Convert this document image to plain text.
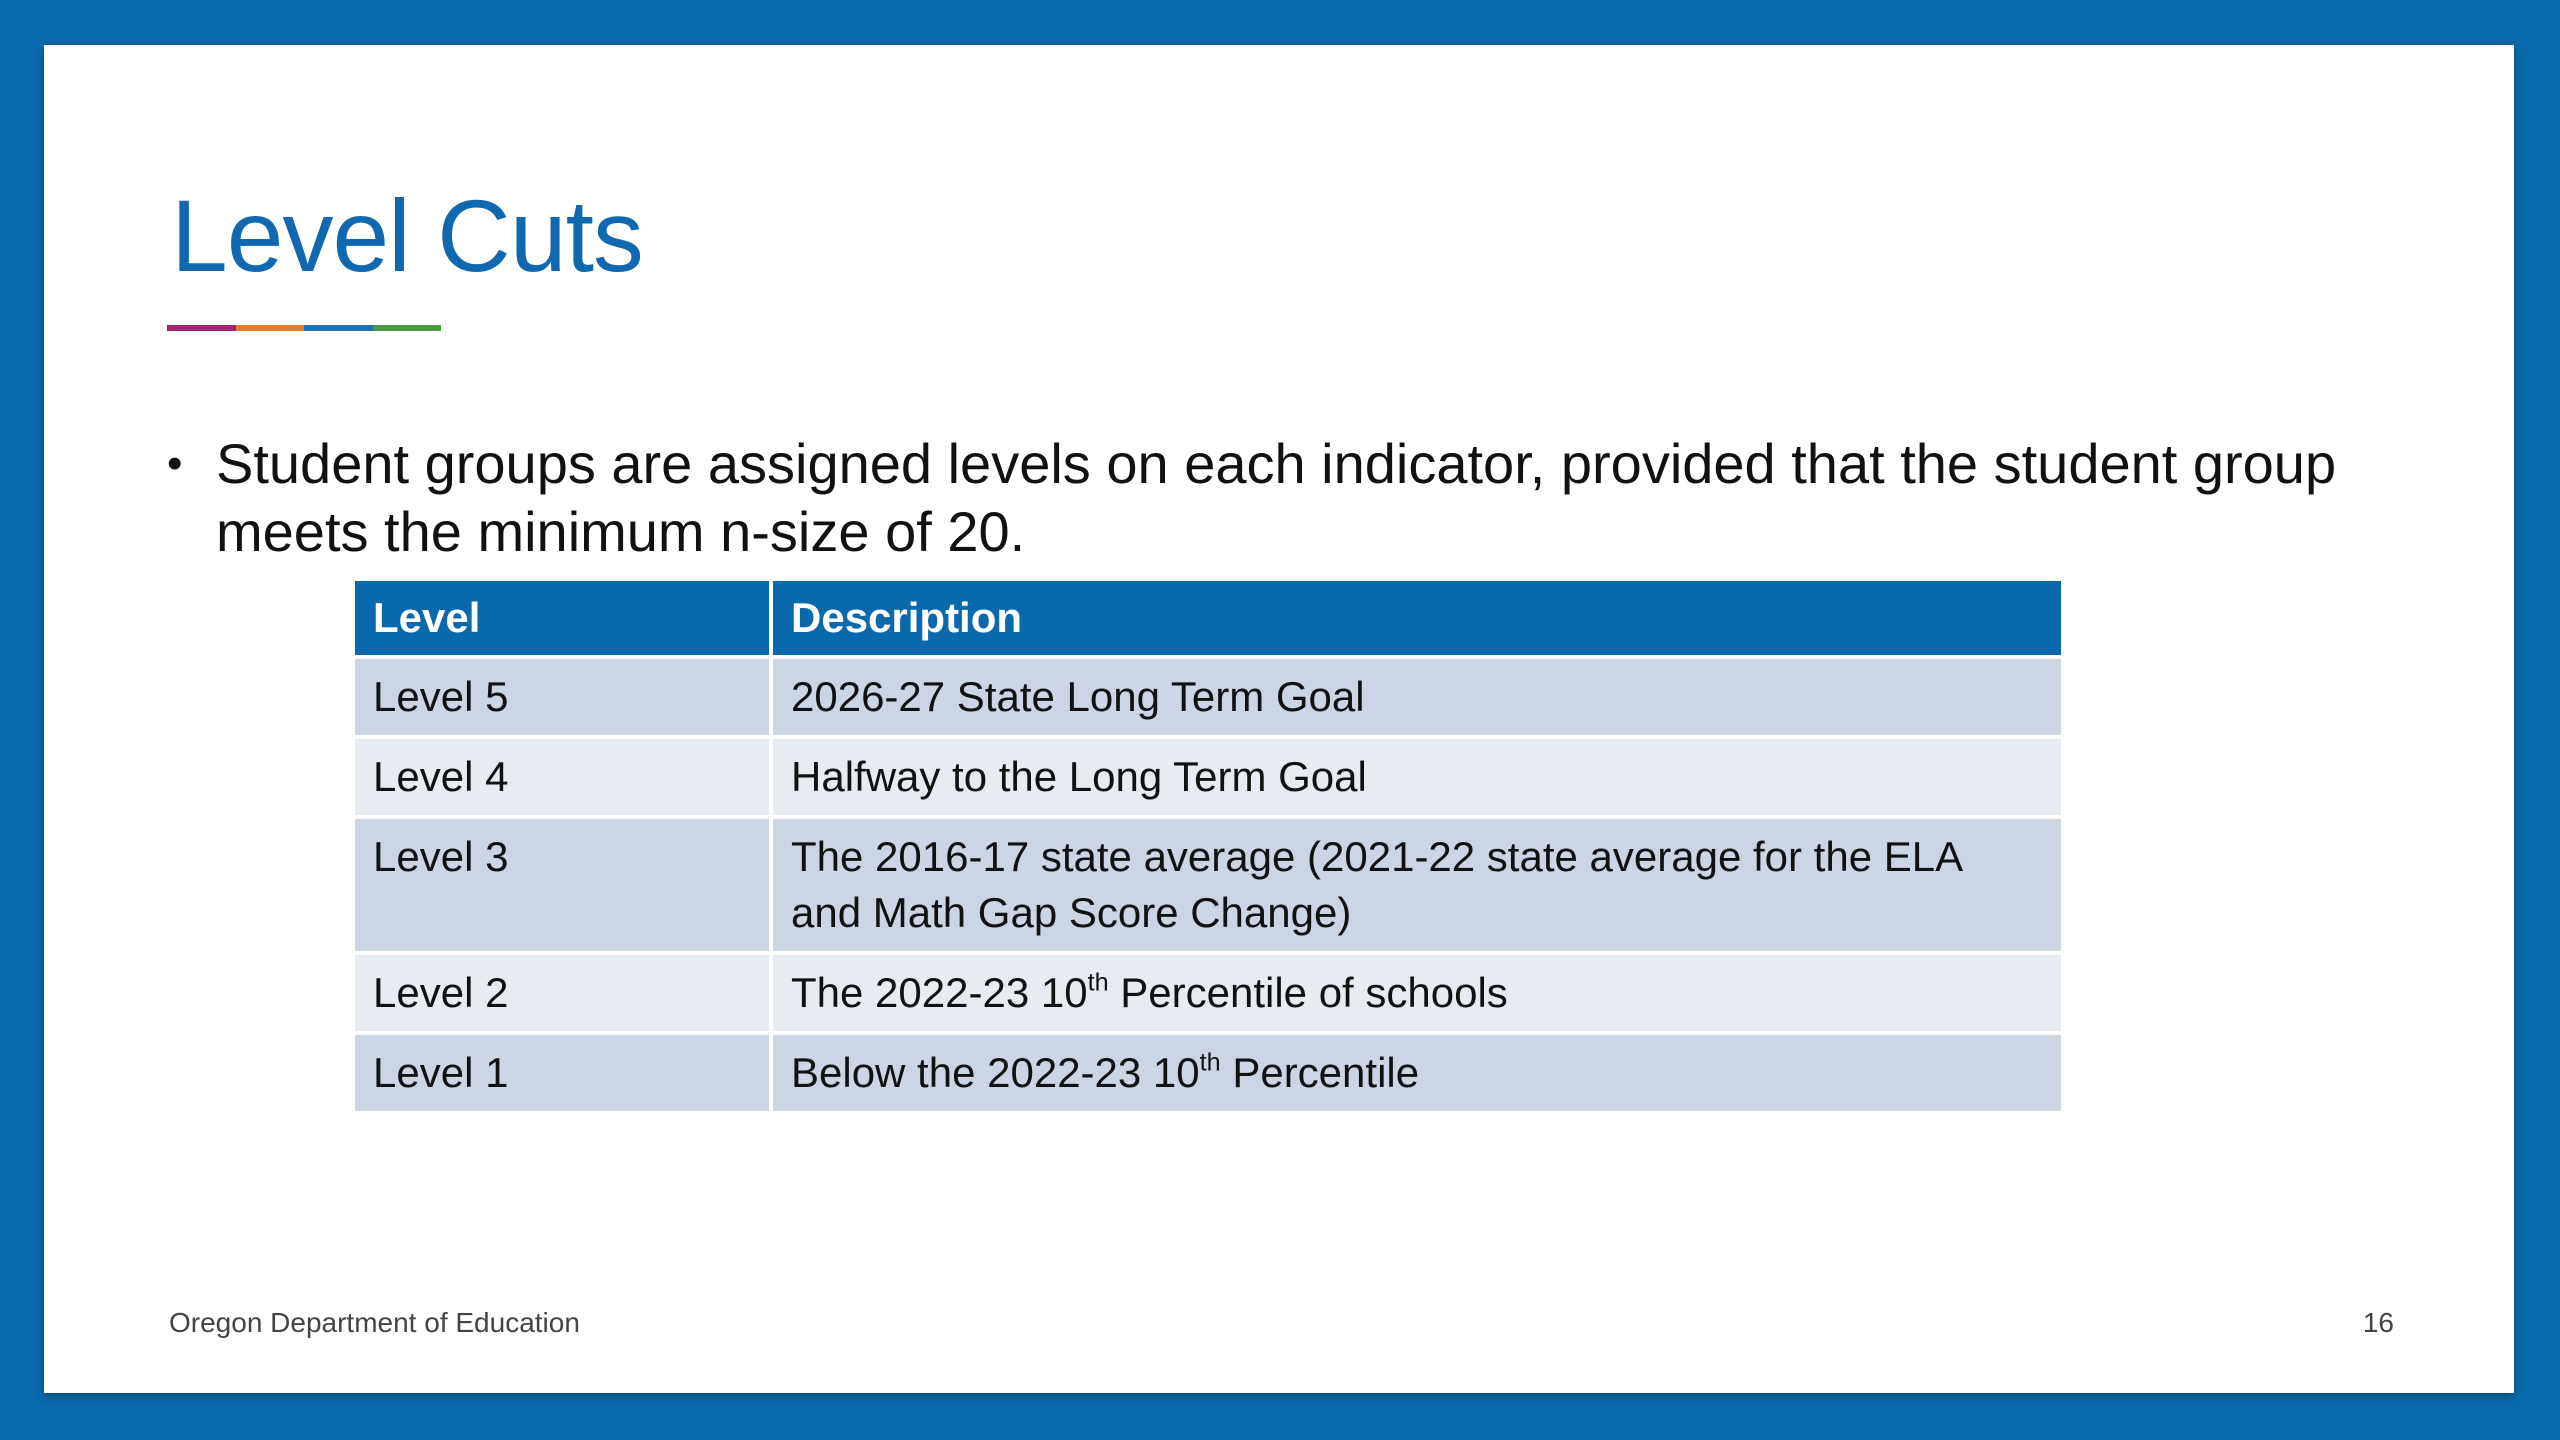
Level Cuts
• Student groups are assigned levels on each indicator, provided that the student group meets the minimum n-size of 20.
Level	Description
Level 5	2026-27 State Long Term Goal
Level 4	Halfway to the Long Term Goal
Level 3	The 2016-17 state average (2021-22 state average for the ELA and Math Gap Score Change)
Level 2	The 2022-23 10th Percentile of schools
Level 1	Below the 2022-23 10th Percentile
Oregon Department of Education	16
